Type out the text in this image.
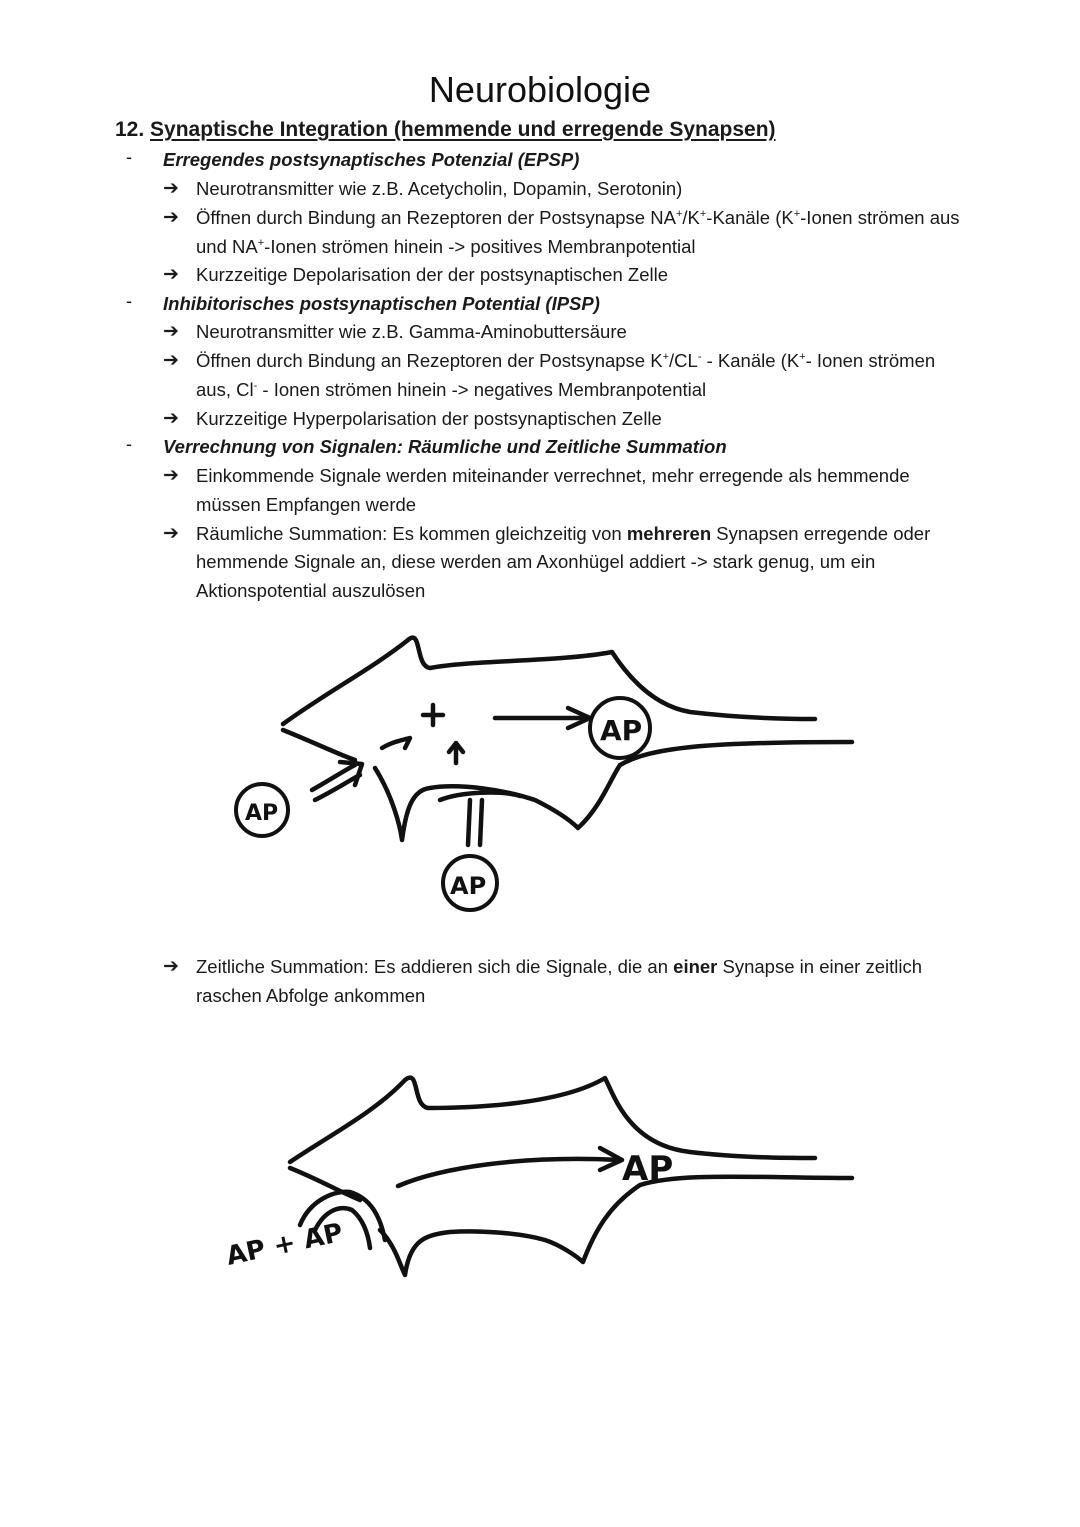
Neurobiologie
12. Synaptische Integration (hemmende und erregende Synapsen)
- Erregendes postsynaptisches Potenzial (EPSP)
➔ Neurotransmitter wie z.B. Acetycholin, Dopamin, Serotonin)
➔ Öffnen durch Bindung an Rezeptoren der Postsynapse NA+/K+-Kanäle (K+-Ionen strömen aus
und NA+-Ionen strömen hinein -> positives Membranpotential
➔ Kurzzeitige Depolarisation der der postsynaptischen Zelle
- Inhibitorisches postsynaptischen Potential (IPSP)
➔ Neurotransmitter wie z.B. Gamma-Aminobuttersäure
➔ Öffnen durch Bindung an Rezeptoren der Postsynapse K+/CL- - Kanäle (K+- Ionen strömen
aus, Cl- - Ionen strömen hinein -> negatives Membranpotential
➔ Kurzzeitige Hyperpolarisation der postsynaptischen Zelle
- Verrechnung von Signalen: Räumliche und Zeitliche Summation
➔ Einkommende Signale werden miteinander verrechnet, mehr erregende als hemmende
müssen Empfangen werde
➔ Räumliche Summation: Es kommen gleichzeitig von mehreren Synapsen erregende oder
hemmende Signale an, diese werden am Axonhügel addiert -> stark genug, um ein
Aktionspotential auszulösen
AP
AP
AP
➔ Zeitliche Summation: Es addieren sich die Signale, die an einer Synapse in einer zeitlich
raschen Abfolge ankommen
AP
AP + AP
